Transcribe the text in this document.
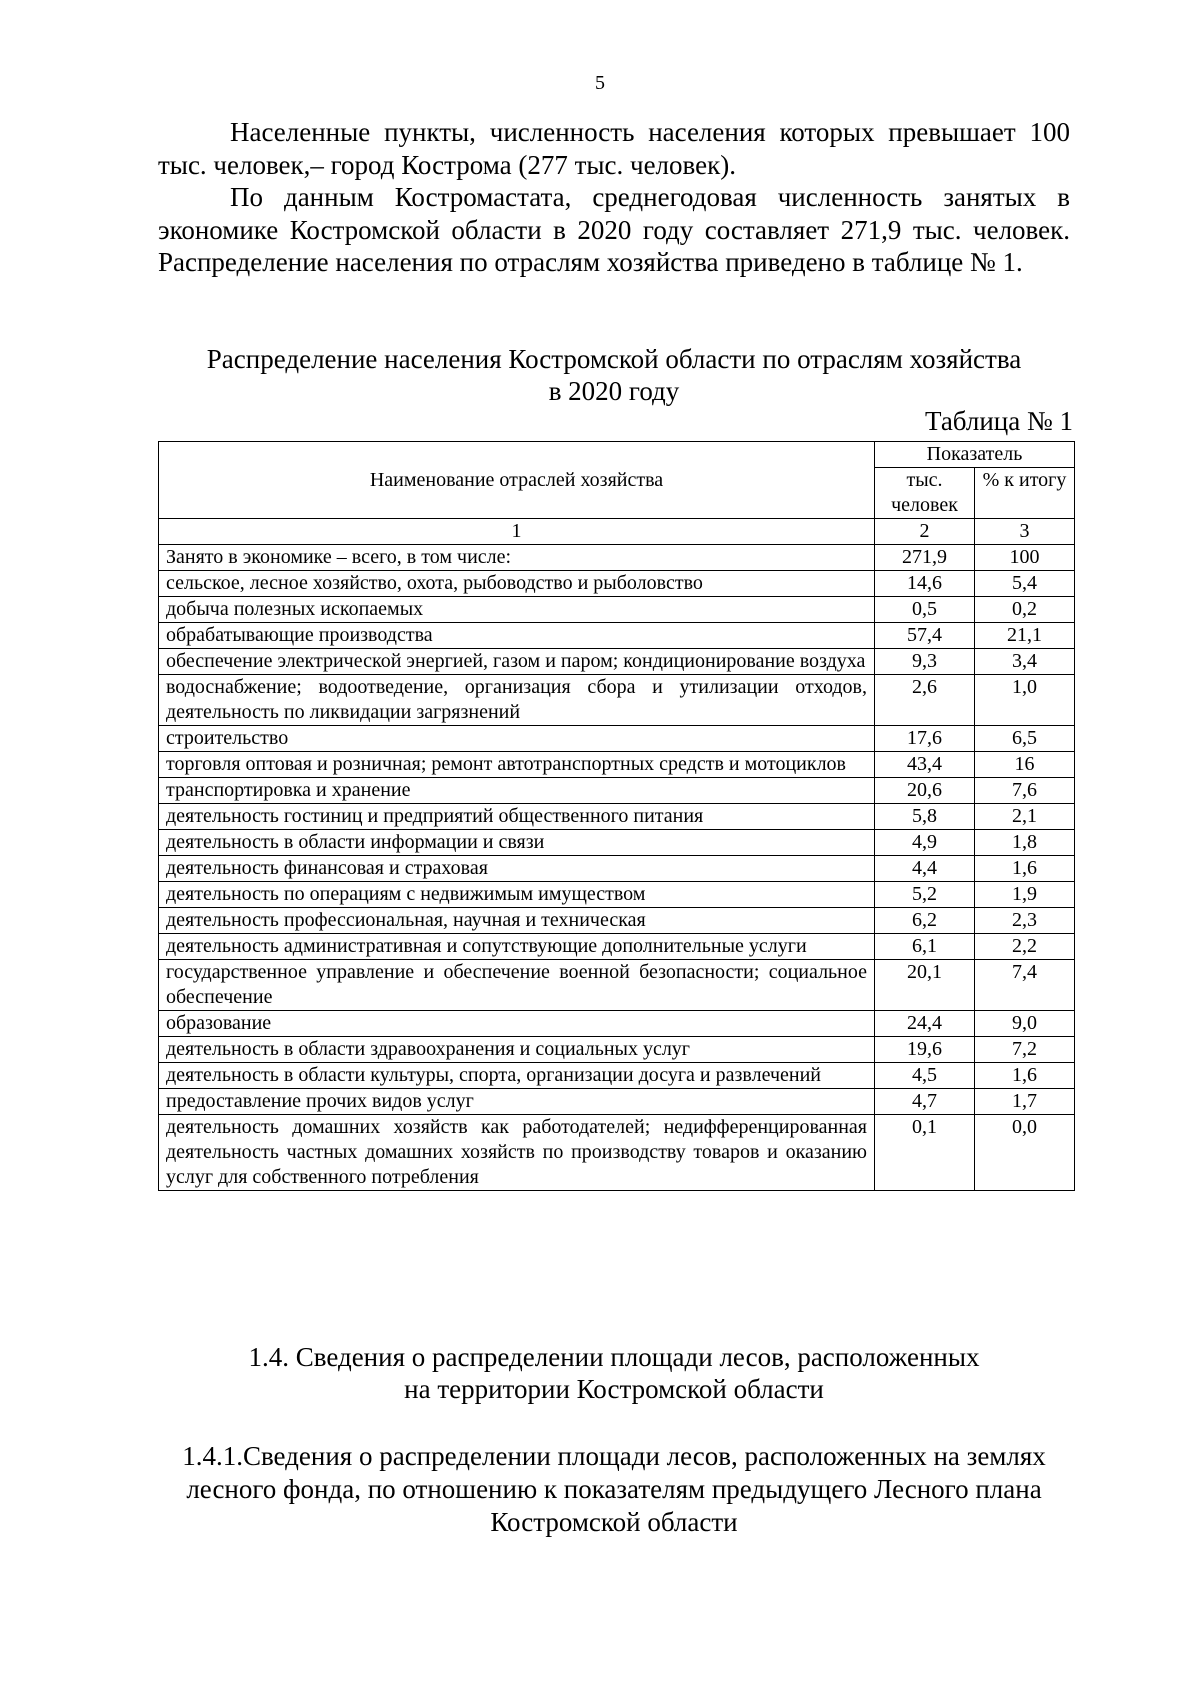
5

Населенные пункты, численность населения которых превышает 100 тыс. человек,– город Кострома (277 тыс. человек).

По данным Костромастата, среднегодовая численность занятых в экономике Костромской области в 2020 году составляет 271,9 тыс. человек. Распределение населения по отраслям хозяйства приведено в таблице № 1.

Распределение населения Костромской области по отраслям хозяйства
в 2020 году
Таблица № 1
Наименование отраслей хозяйства	Показатель	
	тыс. человек	% к итогу
1	2	3
Занято в экономике – всего, в том числе:	271,9	100
сельское, лесное хозяйство, охота, рыбоводство и рыболовство	14,6	5,4
добыча полезных ископаемых	0,5	0,2
обрабатывающие производства	57,4	21,1
обеспечение электрической энергией, газом и паром; кондиционирование воздуха	9,3	3,4
водоснабжение; водоотведение, организация сбора и утилизации отходов, деятельность по ликвидации загрязнений	2,6	1,0
строительство	17,6	6,5
торговля оптовая и розничная; ремонт автотранспортных средств и мотоциклов	43,4	16
транспортировка и хранение	20,6	7,6
деятельность гостиниц и предприятий общественного питания	5,8	2,1
деятельность в области информации и связи	4,9	1,8
деятельность финансовая и страховая	4,4	1,6
деятельность по операциям с недвижимым имуществом	5,2	1,9
деятельность профессиональная, научная и техническая	6,2	2,3
деятельность административная и сопутствующие дополнительные услуги	6,1	2,2
государственное управление и обеспечение военной безопасности; социальное обеспечение	20,1	7,4
образование	24,4	9,0
деятельность в области здравоохранения и социальных услуг	19,6	7,2
деятельность в области культуры, спорта, организации досуга и развлечений	4,5	1,6
предоставление прочих видов услуг	4,7	1,7
деятельность домашних хозяйств как работодателей; недифференцированная деятельность частных домашних хозяйств по производству товаров и оказанию услуг для собственного потребления	0,1	0,0
1.4. Сведения о распределении площади лесов, расположенных
на территории Костромской области
1.4.1.Сведения о распределении площади лесов, расположенных на землях лесного фонда, по отношению к показателям предыдущего Лесного плана Костромской области
